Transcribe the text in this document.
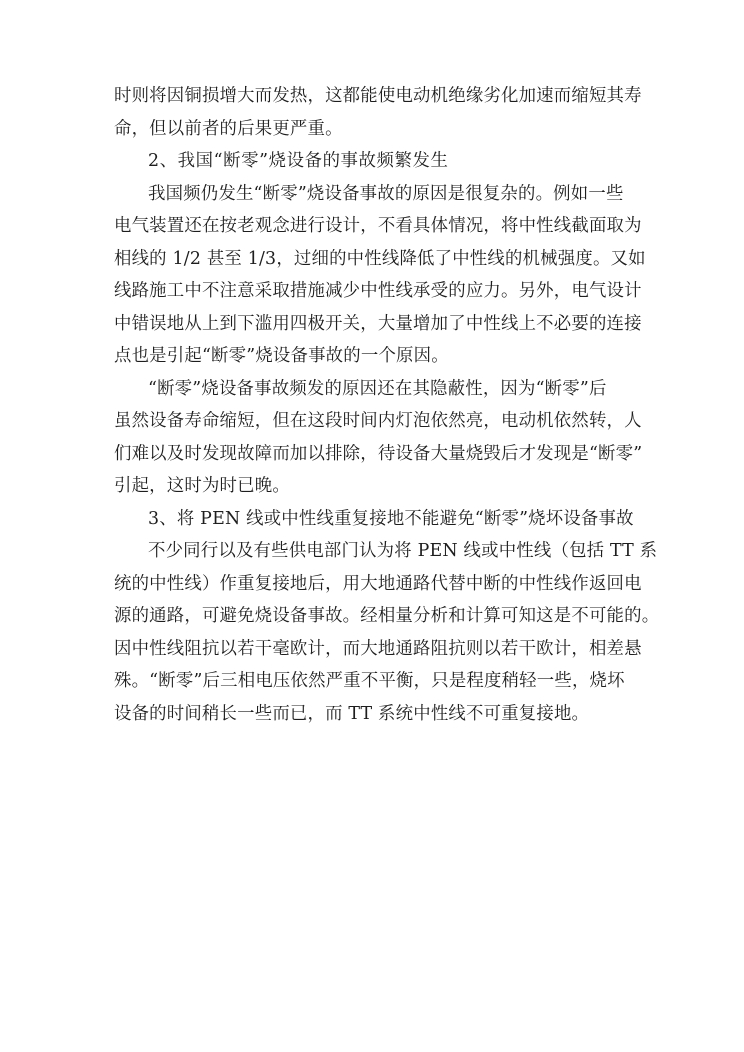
时则将因铜损增大而发热，这都能使电动机绝缘劣化加速而缩短其寿
命，但以前者的后果更严重。
2、我国“断零”烧设备的事故频繁发生
我国频仍发生“断零”烧设备事故的原因是很复杂的。例如一些
电气装置还在按老观念进行设计，不看具体情况，将中性线截面取为
相线的 1/2 甚至 1/3，过细的中性线降低了中性线的机械强度。又如
线路施工中不注意采取措施减少中性线承受的应力。另外，电气设计
中错误地从上到下滥用四极开关，大量增加了中性线上不必要的连接
点也是引起“断零”烧设备事故的一个原因。
“断零”烧设备事故频发的原因还在其隐蔽性，因为“断零”后
虽然设备寿命缩短，但在这段时间内灯泡依然亮，电动机依然转，人
们难以及时发现故障而加以排除，待设备大量烧毁后才发现是“断零”
引起，这时为时已晚。
3、将 PEN 线或中性线重复接地不能避免“断零”烧坏设备事故
不少同行以及有些供电部门认为将 PEN 线或中性线（包括 TT 系
统的中性线）作重复接地后，用大地通路代替中断的中性线作返回电
源的通路，可避免烧设备事故。经相量分析和计算可知这是不可能的。
因中性线阻抗以若干毫欧计，而大地通路阻抗则以若干欧计，相差悬
殊。“断零”后三相电压依然严重不平衡，只是程度稍轻一些，烧坏
设备的时间稍长一些而已，而 TT 系统中性线不可重复接地。
